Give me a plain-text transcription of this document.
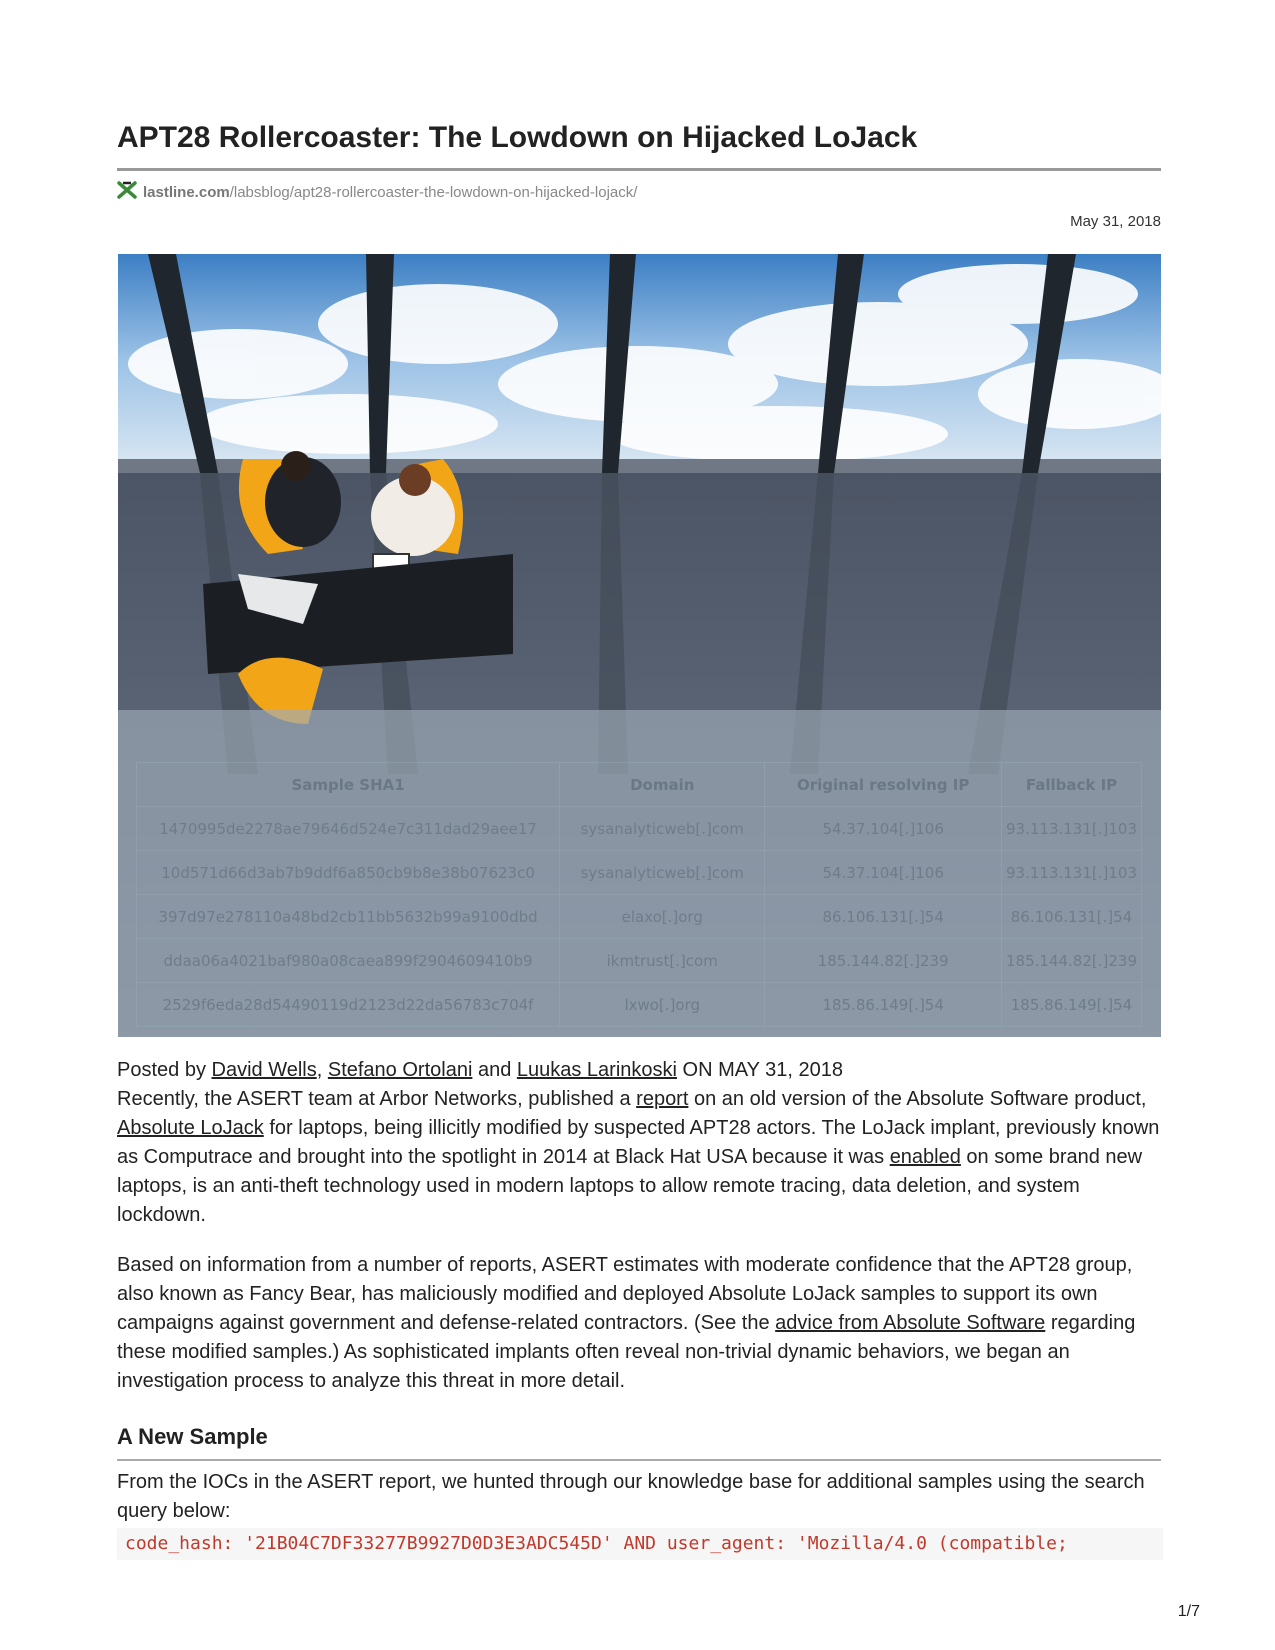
APT28 Rollercoaster: The Lowdown on Hijacked LoJack
lastline.com/labsblog/apt28-rollercoaster-the-lowdown-on-hijacked-lojack/
May 31, 2018
Sample SHA1	Domain	Original resolving IP	Fallback IP
1470995de2278ae79646d524e7c311dad29aee17	sysanalyticweb[.]com	54.37.104[.]106	93.113.131[.]103
10d571d66d3ab7b9ddf6a850cb9b8e38b07623c0	sysanalyticweb[.]com	54.37.104[.]106	93.113.131[.]103
397d97e278110a48bd2cb11bb5632b99a9100dbd	elaxo[.]org	86.106.131[.]54	86.106.131[.]54
ddaa06a4021baf980a08caea899f2904609410b9	ikmtrust[.]com	185.144.82[.]239	185.144.82[.]239
2529f6eda28d54490119d2123d22da56783c704f	lxwo[.]org	185.86.149[.]54	185.86.149[.]54

Posted by David Wells, Stefano Ortolani and Luukas Larinkoski ON MAY 31, 2018
Recently, the ASERT team at Arbor Networks, published a report on an old version of the Absolute Software product, Absolute LoJack for laptops, being illicitly modified by suspected APT28 actors. The LoJack implant, previously known as Computrace and brought into the spotlight in 2014 at Black Hat USA because it was enabled on some brand new laptops, is an anti-theft technology used in modern laptops to allow remote tracing, data deletion, and system lockdown.

Based on information from a number of reports, ASERT estimates with moderate confidence that the APT28 group, also known as Fancy Bear, has maliciously modified and deployed Absolute LoJack samples to support its own campaigns against government and defense-related contractors. (See the advice from Absolute Software regarding these modified samples.) As sophisticated implants often reveal non-trivial dynamic behaviors, we began an investigation process to analyze this threat in more detail.

A New Sample

From the IOCs in the ASERT report, we hunted through our knowledge base for additional samples using the search query below:

code_hash: '21B04C7DF33277B9927D0D3E3ADC545D' AND user_agent: 'Mozilla/4.0 (compatible;
1/7
